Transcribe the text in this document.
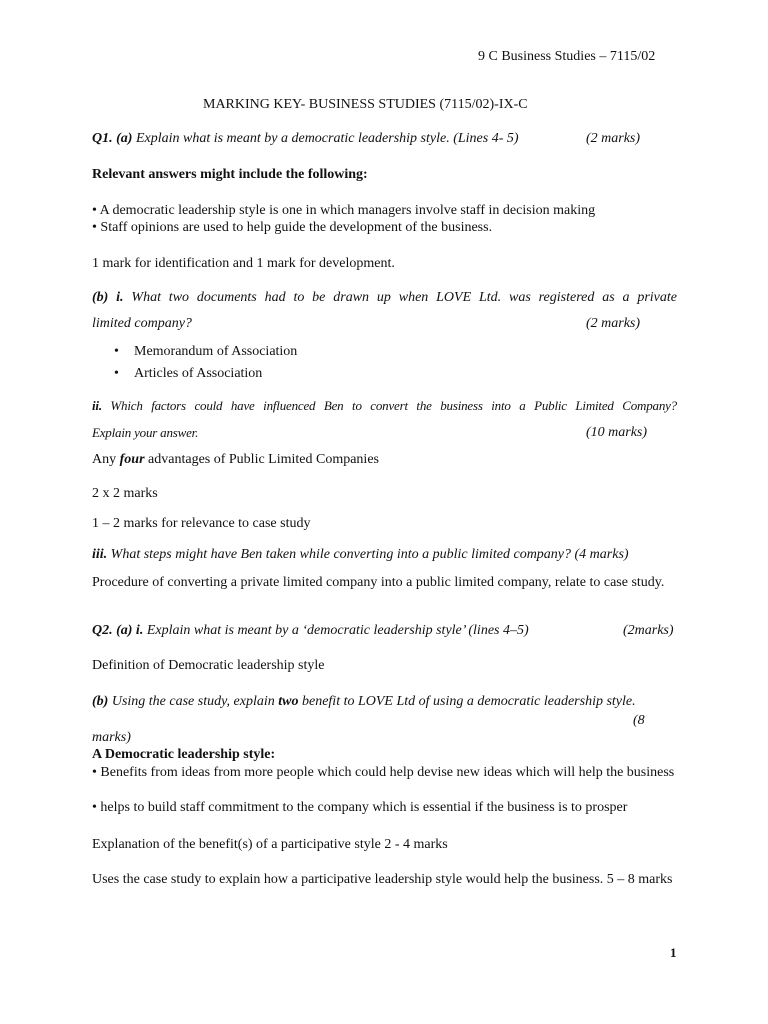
9 C Business Studies – 7115/02
MARKING KEY- BUSINESS STUDIES (7115/02)-IX-C
Q1. (a) Explain what is meant by a democratic leadership style. (Lines 4- 5)	(2 marks)
Relevant answers might include the following:
• A democratic leadership style is one in which managers involve staff in decision making
• Staff opinions are used to help guide the development of the business.
1 mark for identification and 1 mark for development.
(b) i. What two documents had to be drawn up when LOVE Ltd. was registered as a private
limited company?	(2 marks)
• Memorandum of Association
• Articles of Association
ii. Which factors could have influenced Ben to convert the business into a Public Limited Company?
Explain your answer.	(10 marks)
Any four advantages of Public Limited Companies
2 x 2 marks
1 – 2 marks for relevance to case study
iii. What steps might have Ben taken while converting into a public limited company? (4 marks)
Procedure of converting a private limited company into a public limited company, relate to case study.
Q2. (a) i. Explain what is meant by a ‘democratic leadership style’ (lines 4–5)	(2marks)
Definition of Democratic leadership style
(b) Using the case study, explain two benefit to LOVE Ltd of using a democratic leadership style.
(8
marks)
A Democratic leadership style:
• Benefits from ideas from more people which could help devise new ideas which will help the business
• helps to build staff commitment to the company which is essential if the business is to prosper
Explanation of the benefit(s) of a participative style 2 - 4 marks
Uses the case study to explain how a participative leadership style would help the business. 5 – 8 marks
1
